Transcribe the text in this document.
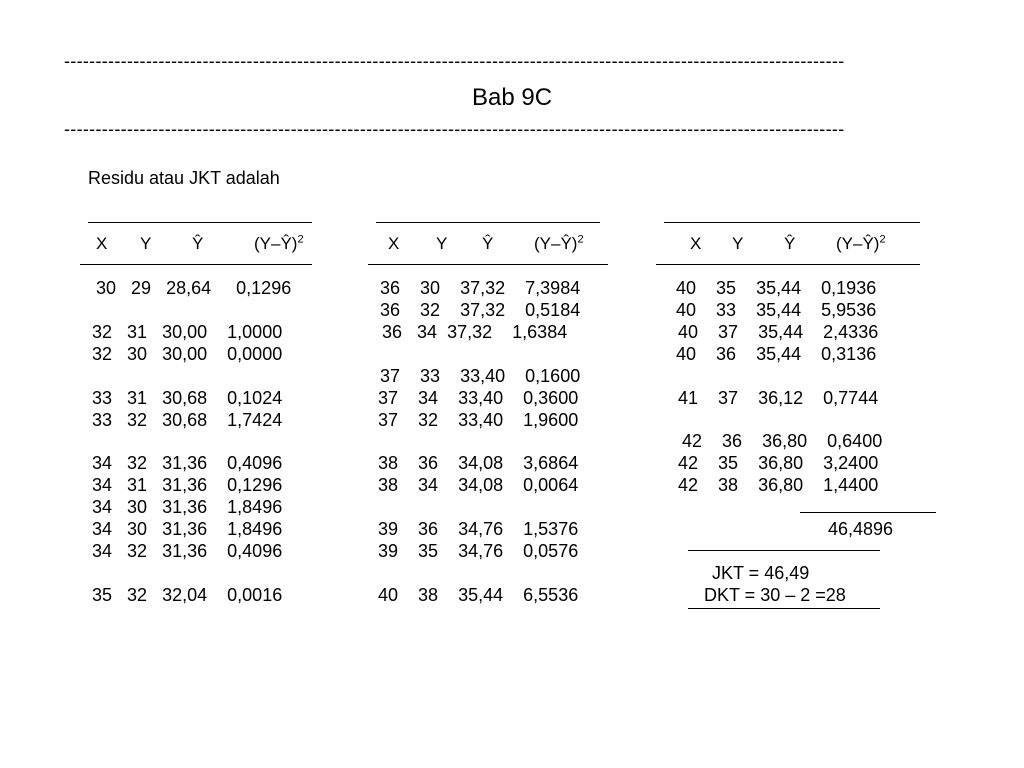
----------------------------------------------------------------------------------------------------------------------------
Bab 9C
----------------------------------------------------------------------------------------------------------------------------
Residu atau JKT adalah
X Y Ŷ	(Y–Ŷ)$^2$
30 29 28,64 0,1296
32 31 30,00 1,0000
32 30 30,00 0,0000
33 31 30,68 0,1024
33 32 30,68 1,7424
34 32 31,36 0,4096
34 31 31,36 0,1296
34 30 31,36 1,8496
34 30 31,36 1,8496
34 32 31,36 0,4096
35 32 32,04 0,0016
X Y Ŷ (Y–Ŷ)$^2$
36 30 37,32 7,3984
36 32 37,32 0,5184
36 34 37,32 1,6384
37 33 33,40 0,1600
37 34 33,40 0,3600
37 32 33,40 1,9600
38 36 34,08 3,6864
38 34 34,08 0,0064
39 36 34,76 1,5376
39 35 34,76 0,0576
40 38 35,44 6,5536
X Y Ŷ (Y–Ŷ)$^2$
40 35 35,44 0,1936
40 33 35,44 5,9536
40 37 35,44 2,4336
40 36 35,44 0,3136
41 37 36,12 0,7744
42 36 36,80 0,6400
42 35 36,80 3,2400
42 38 36,80 1,4400
46,4896
JKT = 46,49
DKT = 30 – 2 =28
